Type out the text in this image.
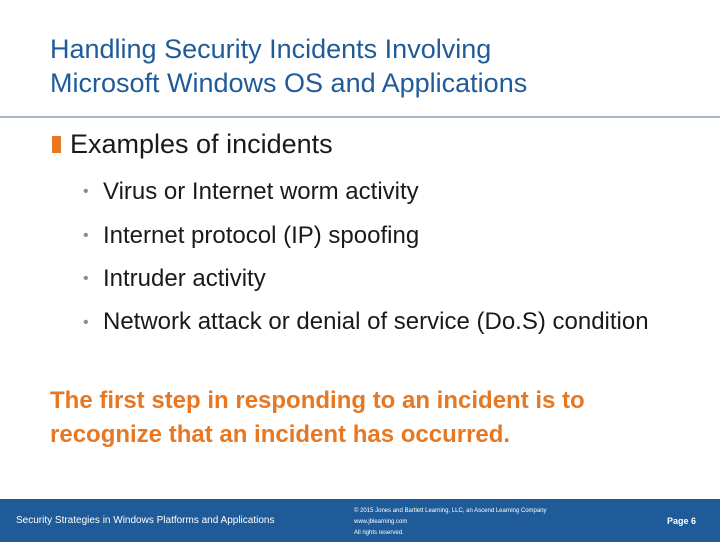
Handling Security Incidents Involving
Microsoft Windows OS and Applications
Examples of incidents
• Virus or Internet worm activity
• Internet protocol (IP) spoofing
• Intruder activity
• Network attack or denial of service (Do.S) condition
The first step in responding to an incident is to
recognize that an incident has occurred.
Security Strategies in Windows Platforms and Applications
© 2015 Jones and Bartlett Learning, LLC, an Ascend Learning Company
www.jblearning.com
All rights reserved.
Page 6
